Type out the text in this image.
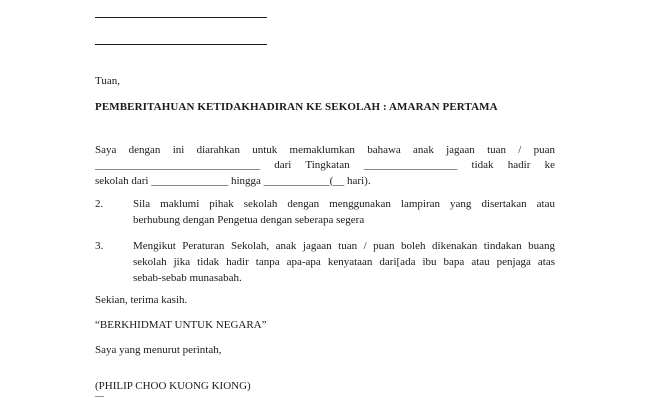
Tuan,
PEMBERITAHUAN KETIDAKHADIRAN KE SEKOLAH : AMARAN PERTAMA
Saya dengan ini diarahkan untuk memaklumkan bahawa anak jagaan tuan / puan
______________________________ dari Tingkatan _________________ tidak hadir ke
sekolah dari ______________ hingga ____________(__ hari).
2.	Sila maklumi pihak sekolah dengan menggunakan lampiran yang disertakan atau
berhubung dengan Pengetua dengan seberapa segera
3.	Mengikut Peraturan Sekolah, anak jagaan tuan / puan boleh dikenakan tindakan buang
sekolah jika tidak hadir tanpa apa-apa kenyataan dari[ada ibu bapa atau penjaga atas
sebab-sebab munasabah.
Sekian, terima kasih.
“BERKHIDMAT UNTUK NEGARA”
Saya yang menurut perintah,
(PHILIP CHOO KUONG KIONG)
—
